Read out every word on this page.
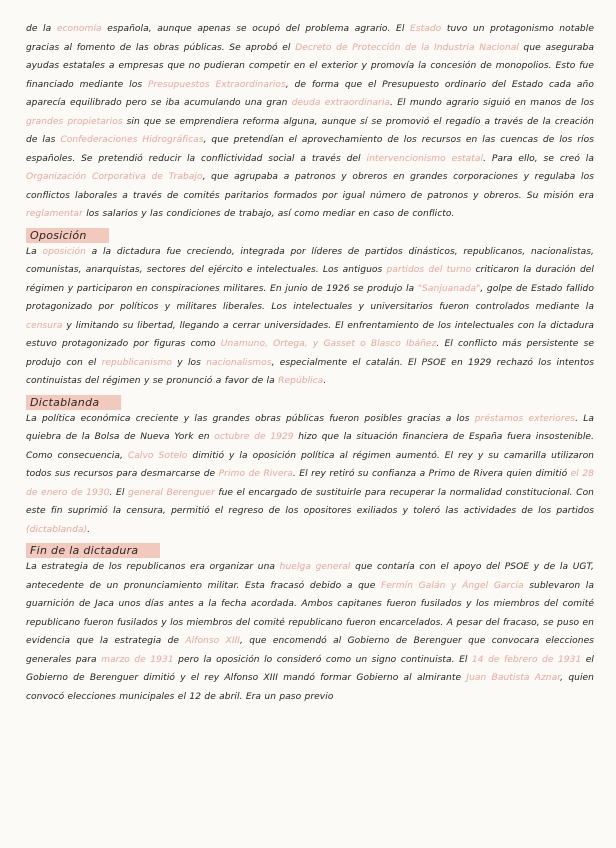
de la economía española, aunque apenas se ocupó del problema agrario. El Estado tuvo un protagonismo notable gracias al fomento de las obras públicas. Se aprobó el Decreto de Protección de la Industria Nacional que aseguraba ayudas estatales a empresas que no pudieran competir en el exterior y promovía la concesión de monopolios. Esto fue financiado mediante los Presupuestos Extraordinarios, de forma que el Presupuesto ordinario del Estado cada año aparecía equilibrado pero se iba acumulando una gran deuda extraordinaria. El mundo agrario siguió en manos de los grandes propietarios sin que se emprendiera reforma alguna, aunque sí se promovió el regadío a través de la creación de las Confederaciones Hidrográficas, que pretendían el aprovechamiento de los recursos en las cuencas de los ríos españoles. Se pretendió reducir la conflictividad social a través del intervencionismo estatal. Para ello, se creó la Organización Corporativa de Trabajo, que agrupaba a patronos y obreros en grandes corporaciones y regulaba los conflictos laborales a través de comités paritarios formados por igual número de patronos y obreros. Su misión era reglamentar los salarios y las condiciones de trabajo, así como mediar en caso de conflicto.

Oposición

La oposición a la dictadura fue creciendo, integrada por líderes de partidos dinásticos, republicanos, nacionalistas, comunistas, anarquistas, sectores del ejército e intelectuales. Los antiguos partidos del turno criticaron la duración del régimen y participaron en conspiraciones militares. En junio de 1926 se produjo la "Sanjuanada", golpe de Estado fallido protagonizado por políticos y militares liberales. Los intelectuales y universitarios fueron controlados mediante la censura y limitando su libertad, llegando a cerrar universidades. El enfrentamiento de los intelectuales con la dictadura estuvo protagonizado por figuras como Unamuno, Ortega, y Gasset o Blasco Ibáñez. El conflicto más persistente se produjo con el republicanismo y los nacionalismos, especialmente el catalán. El PSOE en 1929 rechazó los intentos continuistas del régimen y se pronunció a favor de la República.

Dictablanda

La política económica creciente y las grandes obras públicas fueron posibles gracias a los préstamos exteriores. La quiebra de la Bolsa de Nueva York en octubre de 1929 hizo que la situación financiera de España fuera insostenible. Como consecuencia, Calvo Sotelo dimitió y la oposición política al régimen aumentó. El rey y su camarilla utilizaron todos sus recursos para desmarcarse de Primo de Rivera. El rey retiró su confianza a Primo de Rivera quien dimitió el 28 de enero de 1930. El general Berenguer fue el encargado de sustituirle para recuperar la normalidad constitucional. Con este fin suprimió la censura, permitió el regreso de los opositores exiliados y toleró las actividades de los partidos (dictablanda).

Fin de la dictadura

La estrategia de los republicanos era organizar una huelga general que contaría con el apoyo del PSOE y de la UGT, antecedente de un pronunciamiento militar. Esta fracasó debido a que Fermín Galán y Ángel García sublevaron la guarnición de Jaca unos días antes a la fecha acordada. Ambos capitanes fueron fusilados y los miembros del comité republicano fueron fusilados y los miembros del comité republicano fueron encarcelados. A pesar del fracaso, se puso en evidencia que la estrategia de Alfonso XIII, que encomendó al Gobierno de Berenguer que convocara elecciones generales para marzo de 1931 pero la oposición lo consideró como un signo continuista. El 14 de febrero de 1931 el Gobierno de Berenguer dimitió y el rey Alfonso XIII mandó formar Gobierno al almirante Juan Bautista Aznar, quien convocó elecciones municipales el 12 de abril. Era un paso previo
